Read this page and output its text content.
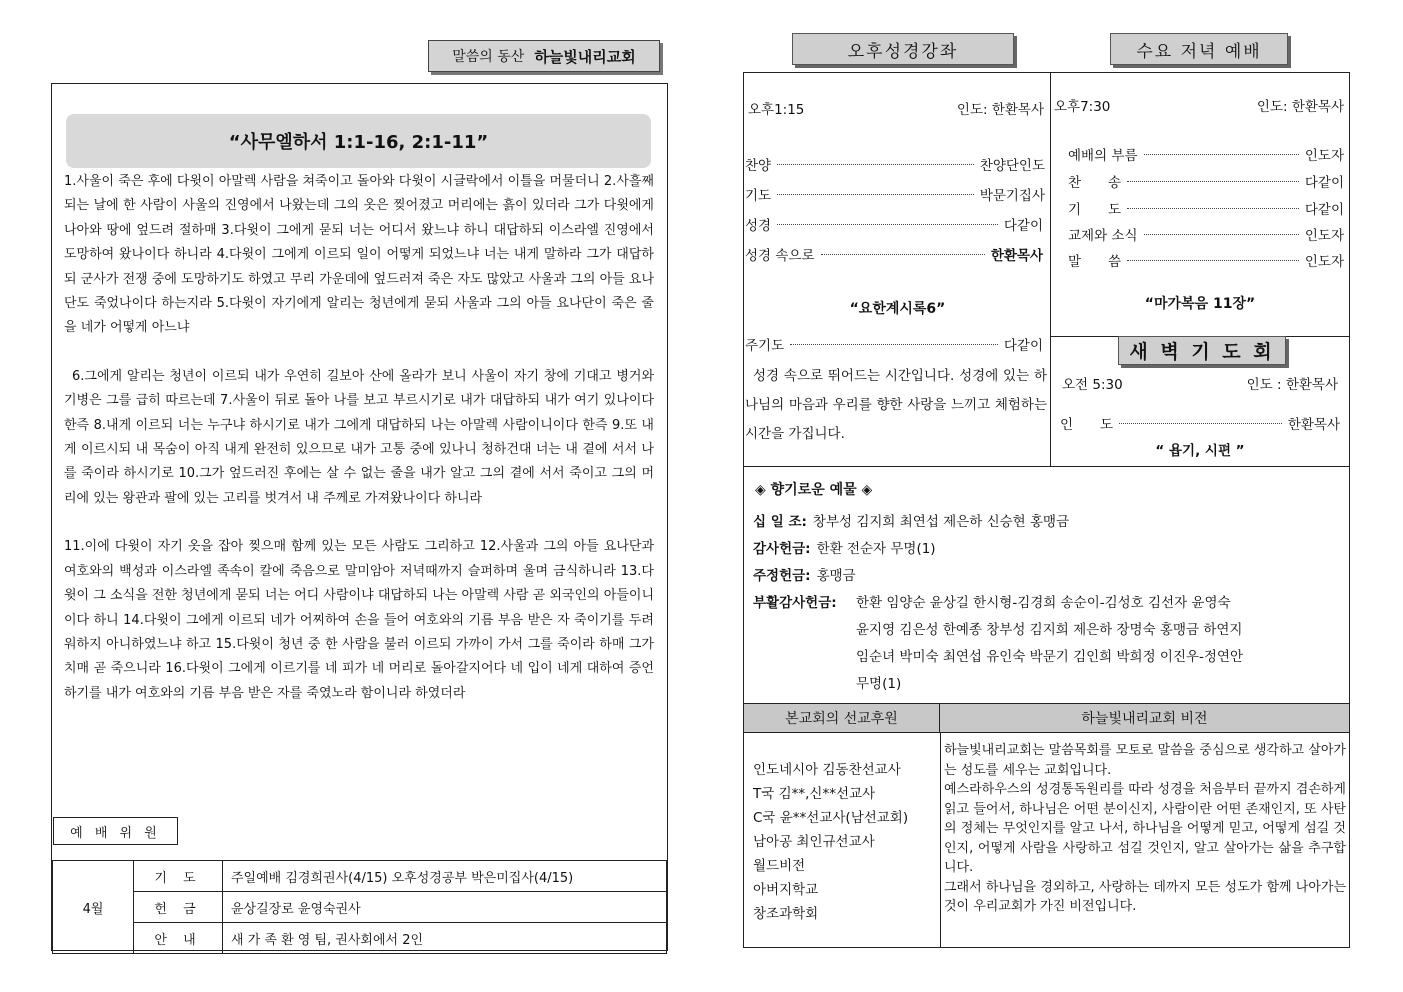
말씀의 동산 하늘빛내리교회
“사무엘하서 1:1-16, 2:1-11”

1.사울이 죽은 후에 다윗이 아말렉 사람을 쳐죽이고 돌아와 다윗이 시글락에서 이틀을 머물더니 2.사흘째 되는 날에 한 사람이 사울의 진영에서 나왔는데 그의 옷은 찢어졌고 머리에는 흙이 있더라 그가 다윗에게 나아와 땅에 엎드려 절하매 3.다윗이 그에게 묻되 너는 어디서 왔느냐 하니 대답하되 이스라엘 진영에서 도망하여 왔나이다 하니라 4.다윗이 그에게 이르되 일이 어떻게 되었느냐 너는 내게 말하라 그가 대답하되 군사가 전쟁 중에 도망하기도 하였고 무리 가운데에 엎드러져 죽은 자도 많았고 사울과 그의 아들 요나단도 죽었나이다 하는지라 5.다윗이 자기에게 알리는 청년에게 묻되 사울과 그의 아들 요나단이 죽은 줄을 네가 어떻게 아느냐

6.그에게 알리는 청년이 이르되 내가 우연히 길보아 산에 올라가 보니 사울이 자기 창에 기대고 병거와 기병은 그를 급히 따르는데 7.사울이 뒤로 돌아 나를 보고 부르시기로 내가 대답하되 내가 여기 있나이다 한즉 8.내게 이르되 너는 누구냐 하시기로 내가 그에게 대답하되 나는 아말렉 사람이니이다 한즉 9.또 내게 이르시되 내 목숨이 아직 내게 완전히 있으므로 내가 고통 중에 있나니 청하건대 너는 내 곁에 서서 나를 죽이라 하시기로 10.그가 엎드러진 후에는 살 수 없는 줄을 내가 알고 그의 곁에 서서 죽이고 그의 머리에 있는 왕관과 팔에 있는 고리를 벗겨서 내 주께로 가져왔나이다 하니라

11.이에 다윗이 자기 옷을 잡아 찢으매 함께 있는 모든 사람도 그리하고 12.사울과 그의 아들 요나단과 여호와의 백성과 이스라엘 족속이 칼에 죽음으로 말미암아 저녁때까지 슬퍼하며 울며 금식하니라 13.다윗이 그 소식을 전한 청년에게 묻되 너는 어디 사람이냐 대답하되 나는 아말렉 사람 곧 외국인의 아들이니이다 하니 14.다윗이 그에게 이르되 네가 어찌하여 손을 들어 여호와의 기름 부음 받은 자 죽이기를 두려워하지 아니하였느냐 하고 15.다윗이 청년 중 한 사람을 불러 이르되 가까이 가서 그를 죽이라 하매 그가 치매 곧 죽으니라 16.다윗이 그에게 이르기를 네 피가 네 머리로 돌아갈지어다 네 입이 네게 대하여 증언하기를 내가 여호와의 기름 부음 받은 자를 죽였노라 함이니라 하였더라

예 배 위 원
4월	기 도	주일예배 김경희권사(4/15) 오후성경공부 박은미집사(4/15)
	헌 금	윤상길장로 윤영숙권사
	안 내	새 가 족 환 영 팀, 권사회에서 2인
오후성경강좌	수요 저녁 예배
오후1:15	인도: 한환목사
찬양	찬양단인도
기도	박문기집사
성경	다같이
성경 속으로	한환목사
“요한계시록6”
주기도	다같이
성경 속으로 뛰어드는 시간입니다. 성경에 있는 하나님의 마음과 우리를 향한 사랑을 느끼고 체험하는 시간을 가집니다.
오후7:30	인도: 한환목사
예배의 부름	인도자
찬　　송	다같이
기　　도	다같이
교제와 소식	인도자
말　　씀	인도자
“마가복음 11장”
새 벽 기 도 회
오전 5:30	인도 : 한환목사
인　　도	한환목사
“ 욥기, 시편 ”
◈ 향기로운 예물 ◈
십 일 조: 창부성 김지희 최연섭 제은하 신승현 홍맹금
감사헌금: 한환 전순자 무명(1)
주정헌금: 홍맹금
부활감사헌금:	한환 임양순 윤상길 한시형-김경희 송순이-김성호 김선자 윤영숙
윤지영 김은성 한예종 창부성 김지희 제은하 장명숙 홍맹금 하연지
임순녀 박미숙 최연섭 유인숙 박문기 김인희 박희정 이진우-정연안
무명(1)
본교회의 선교후원	하늘빛내리교회 비전
인도네시아 김동찬선교사
T국 김**,신**선교사
C국 윤**선교사(남선교회)
남아공 최인규선교사
월드비전
아버지학교
창조과학회
하늘빛내리교회는 말씀목회를 모토로 말씀을 중심으로 생각하고 살아가는 성도를 세우는 교회입니다.
예스라하우스의 성경통독원리를 따라 성경을 처음부터 끝까지 겸손하게 읽고 들어서, 하나님은 어떤 분이신지, 사람이란 어떤 존재인지, 또 사탄의 정체는 무엇인지를 알고 나서, 하나님을 어떻게 믿고, 어떻게 섬길 것인지, 어떻게 사람을 사랑하고 섬길 것인지, 알고 살아가는 삶을 추구합니다.
그래서 하나님을 경외하고, 사랑하는 데까지 모든 성도가 함께 나아가는 것이 우리교회가 가진 비전입니다.
